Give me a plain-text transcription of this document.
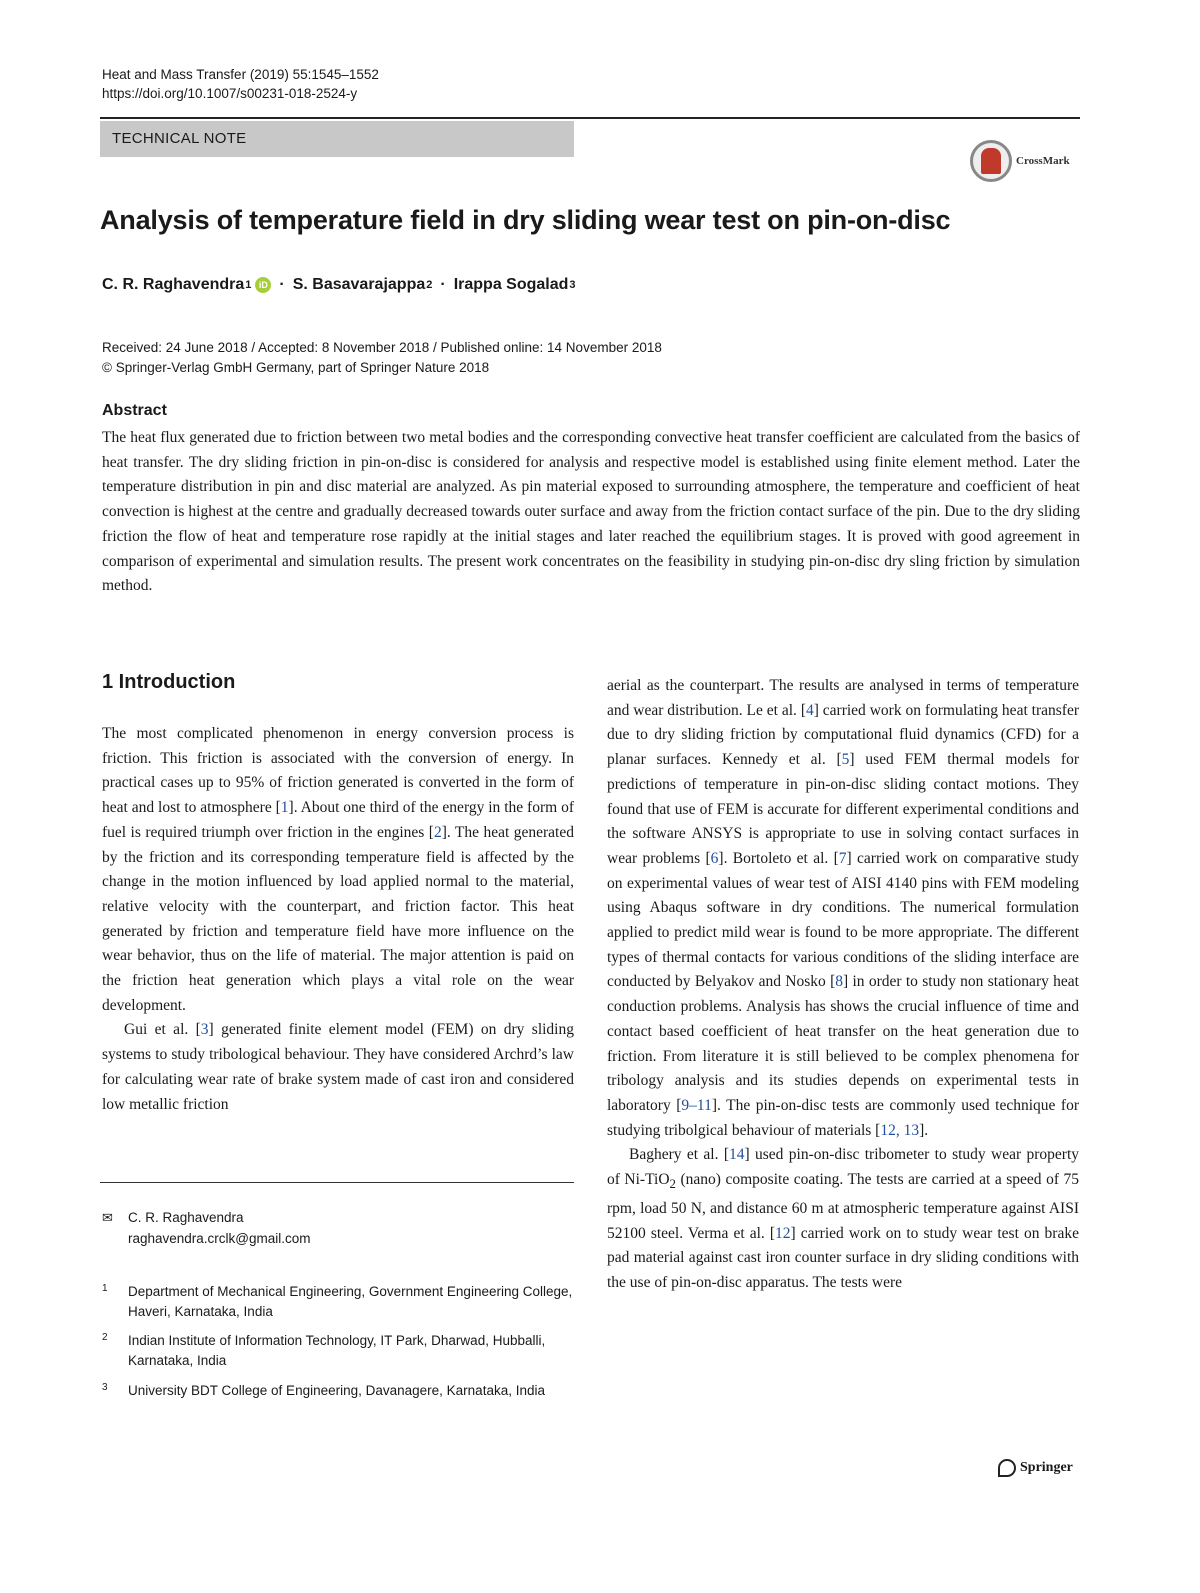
Heat and Mass Transfer (2019) 55:1545–1552
https://doi.org/10.1007/s00231-018-2524-y
TECHNICAL NOTE
CrossMark
Analysis of temperature field in dry sliding wear test on pin-on-disc
C. R. Raghavendra 1 iD · S. Basavarajappa 2 · Irappa Sogalad 3
Received: 24 June 2018 / Accepted: 8 November 2018 / Published online: 14 November 2018
© Springer-Verlag GmbH Germany, part of Springer Nature 2018
Abstract
The heat flux generated due to friction between two metal bodies and the corresponding convective heat transfer coefficient are calculated from the basics of heat transfer. The dry sliding friction in pin-on-disc is considered for analysis and respective model is established using finite element method. Later the temperature distribution in pin and disc material are analyzed. As pin material exposed to surrounding atmosphere, the temperature and coefficient of heat convection is highest at the centre and gradually decreased towards outer surface and away from the friction contact surface of the pin. Due to the dry sliding friction the flow of heat and temperature rose rapidly at the initial stages and later reached the equilibrium stages. It is proved with good agreement in comparison of experimental and simulation results. The present work concentrates on the feasibility in studying pin-on-disc dry sling friction by simulation method.
1 Introduction

The most complicated phenomenon in energy conversion process is friction. This friction is associated with the conversion of energy. In practical cases up to 95% of friction generated is converted in the form of heat and lost to atmosphere [1]. About one third of the energy in the form of fuel is required triumph over friction in the engines [2]. The heat generated by the friction and its corresponding temperature field is affected by the change in the motion influenced by load applied normal to the material, relative velocity with the counterpart, and friction factor. This heat generated by friction and temperature field have more influence on the wear behavior, thus on the life of material. The major attention is paid on the friction heat generation which plays a vital role on the wear development.

Gui et al. [3] generated finite element model (FEM) on dry sliding systems to study tribological behaviour. They have considered Archrd’s law for calculating wear rate of brake system made of cast iron and considered low metallic friction

aerial as the counterpart. The results are analysed in terms of temperature and wear distribution. Le et al. [4] carried work on formulating heat transfer due to dry sliding friction by computational fluid dynamics (CFD) for a planar surfaces. Kennedy et al. [5] used FEM thermal models for predictions of temperature in pin-on-disc sliding contact motions. They found that use of FEM is accurate for different experimental conditions and the software ANSYS is appropriate to use in solving contact surfaces in wear problems [6]. Bortoleto et al. [7] carried work on comparative study on experimental values of wear test of AISI 4140 pins with FEM modeling using Abaqus software in dry conditions. The numerical formulation applied to predict mild wear is found to be more appropriate. The different types of thermal contacts for various conditions of the sliding interface are conducted by Belyakov and Nosko [8] in order to study non stationary heat conduction problems. Analysis has shows the crucial influence of time and contact based coefficient of heat transfer on the heat generation due to friction. From literature it is still believed to be complex phenomena for tribology analysis and its studies depends on experimental tests in laboratory [9–11]. The pin-on-disc tests are commonly used technique for studying tribolgical behaviour of materials [12, 13].

Baghery et al. [14] used pin-on-disc tribometer to study wear property of Ni-TiO$_2$ (nano) composite coating. The tests are carried at a speed of 75 rpm, load 50 N, and distance 60 m at atmospheric temperature against AISI 52100 steel. Verma et al. [12] carried work on to study wear test on brake pad material against cast iron counter surface in dry sliding conditions with the use of pin-on-disc apparatus. The tests were

✉	C. R. Raghavendra
raghavendra.crclk@gmail.com
1	Department of Mechanical Engineering, Government Engineering College, Haveri, Karnataka, India
2	Indian Institute of Information Technology, IT Park, Dharwad, Hubballi, Karnataka, India
3	University BDT College of Engineering, Davanagere, Karnataka, India
Springer
